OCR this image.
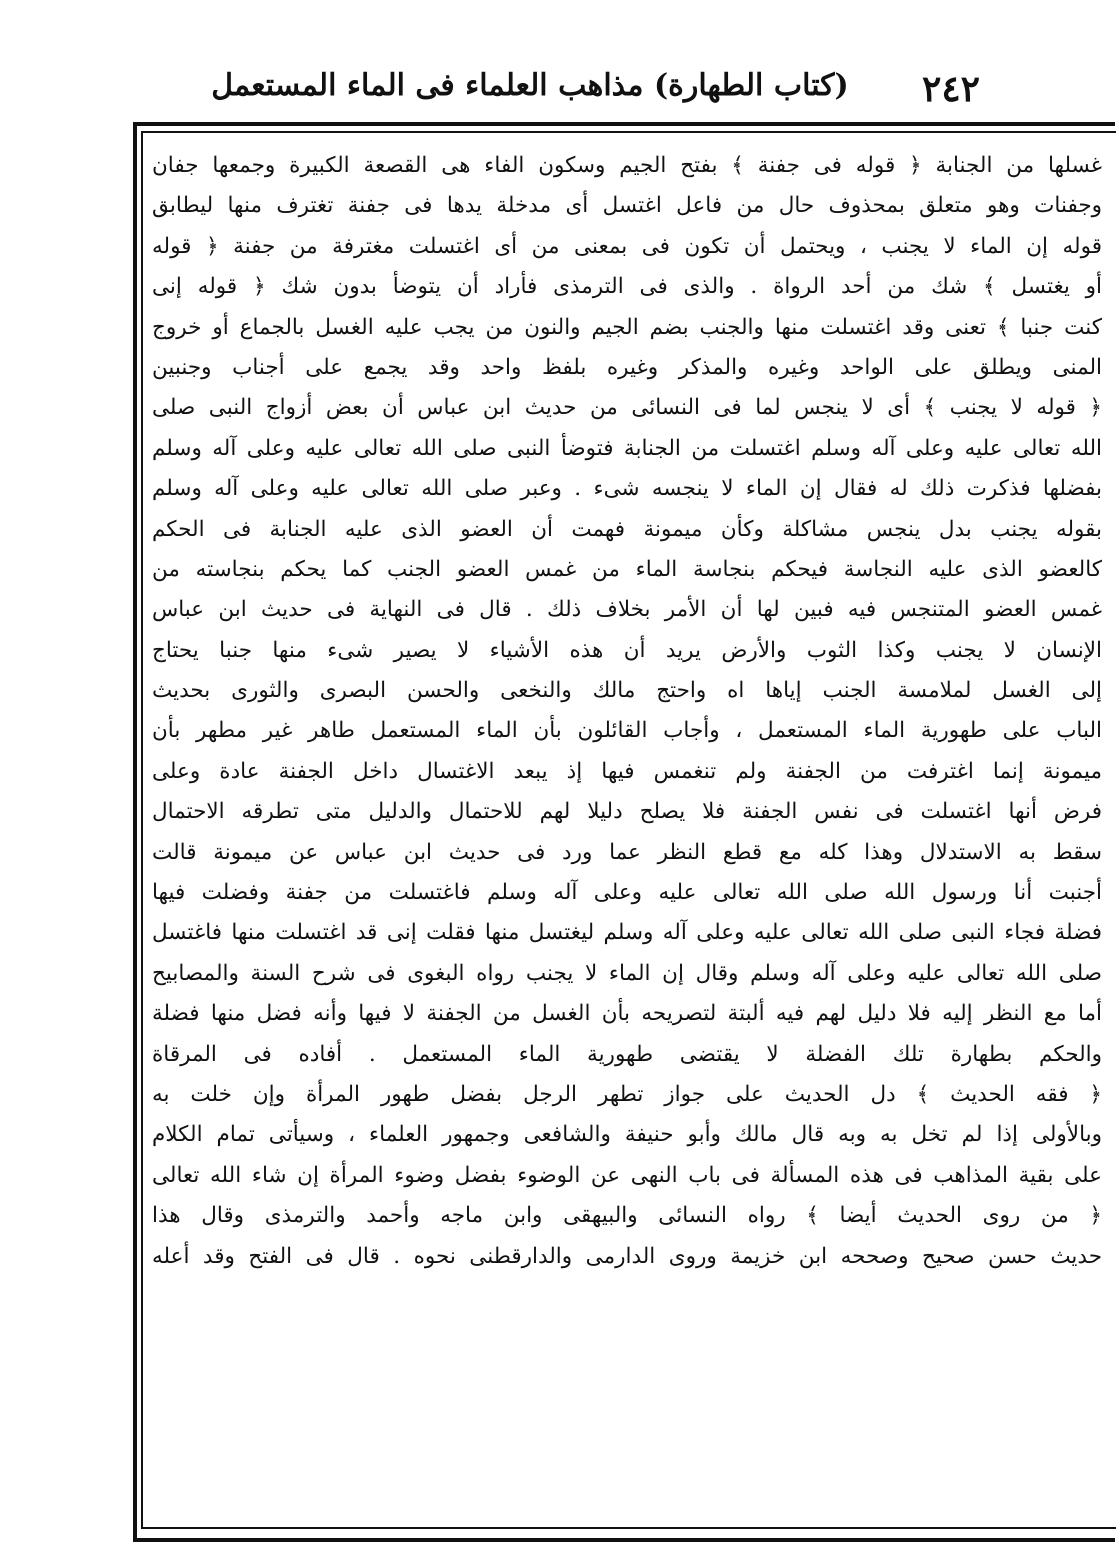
٢٤٢
(كتاب الطهارة) مذاهب العلماء فى الماء المستعمل
غسلها من الجنابة ﴿ قوله فى جفنة ﴾ بفتح الجيم وسكون الفاء هى القصعة الكبيرة وجمعها جفان
وجفنات وهو متعلق بمحذوف حال من فاعل اغتسل أى مدخلة يدها فى جفنة تغترف منها ليطابق
قوله إن الماء لا يجنب ، ويحتمل أن تكون فى بمعنى من أى اغتسلت مغترفة من جفنة ﴿ قوله
أو يغتسل ﴾ شك من أحد الرواة . والذى فى الترمذى فأراد أن يتوضأ بدون شك ﴿ قوله إنى
كنت جنبا ﴾ تعنى وقد اغتسلت منها والجنب بضم الجيم والنون من يجب عليه الغسل بالجماع أو خروج
المنى ويطلق على الواحد وغيره والمذكر وغيره بلفظ واحد وقد يجمع على أجناب وجنبين
﴿ قوله لا يجنب ﴾ أى لا ينجس لما فى النسائى من حديث ابن عباس أن بعض أزواج النبى صلى
الله تعالى عليه وعلى آله وسلم اغتسلت من الجنابة فتوضأ النبى صلى الله تعالى عليه وعلى آله وسلم
بفضلها فذكرت ذلك له فقال إن الماء لا ينجسه شىء . وعبر صلى الله تعالى عليه وعلى آله وسلم
بقوله يجنب بدل ينجس مشاكلة وكأن ميمونة فهمت أن العضو الذى عليه الجنابة فى الحكم
كالعضو الذى عليه النجاسة فيحكم بنجاسة الماء من غمس العضو الجنب كما يحكم بنجاسته من
غمس العضو المتنجس فيه فبين لها أن الأمر بخلاف ذلك . قال فى النهاية فى حديث ابن عباس
الإنسان لا يجنب وكذا الثوب والأرض يريد أن هذه الأشياء لا يصير شىء منها جنبا يحتاج
إلى الغسل لملامسة الجنب إياها اه واحتج مالك والنخعى والحسن البصرى والثورى بحديث
الباب على طهورية الماء المستعمل ، وأجاب القائلون بأن الماء المستعمل طاهر غير مطهر بأن
ميمونة إنما اغترفت من الجفنة ولم تنغمس فيها إذ يبعد الاغتسال داخل الجفنة عادة وعلى
فرض أنها اغتسلت فى نفس الجفنة فلا يصلح دليلا لهم للاحتمال والدليل متى تطرقه الاحتمال
سقط به الاستدلال وهذا كله مع قطع النظر عما ورد فى حديث ابن عباس عن ميمونة قالت
أجنبت أنا ورسول الله صلى الله تعالى عليه وعلى آله وسلم فاغتسلت من جفنة وفضلت فيها
فضلة فجاء النبى صلى الله تعالى عليه وعلى آله وسلم ليغتسل منها فقلت إنى قد اغتسلت منها فاغتسل
صلى الله تعالى عليه وعلى آله وسلم وقال إن الماء لا يجنب رواه البغوى فى شرح السنة والمصابيح
أما مع النظر إليه فلا دليل لهم فيه ألبتة لتصريحه بأن الغسل من الجفنة لا فيها وأنه فضل منها فضلة
والحكم بطهارة تلك الفضلة لا يقتضى طهورية الماء المستعمل . أفاده فى المرقاة
﴿ فقه الحديث ﴾ دل الحديث على جواز تطهر الرجل بفضل طهور المرأة وإن خلت به
وبالأولى إذا لم تخل به وبه قال مالك وأبو حنيفة والشافعى وجمهور العلماء ، وسيأتى تمام الكلام
على بقية المذاهب فى هذه المسألة فى باب النهى عن الوضوء بفضل وضوء المرأة إن شاء الله تعالى
﴿ من روى الحديث أيضا ﴾ رواه النسائى والبيهقى وابن ماجه وأحمد والترمذى وقال هذا
حديث حسن صحيح وصححه ابن خزيمة وروى الدارمى والدارقطنى نحوه . قال فى الفتح وقد أعله
